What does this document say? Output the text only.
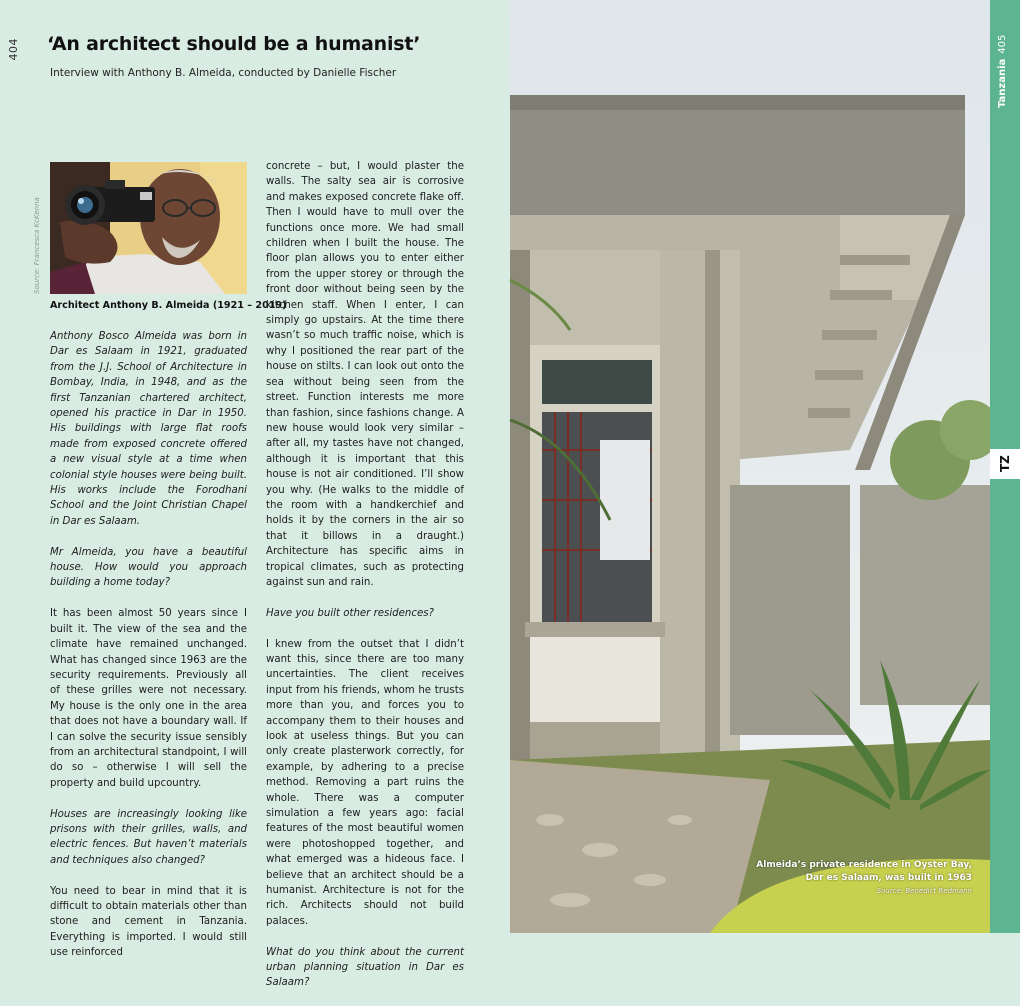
404 ‘An architect should be a humanist’
Interview with Anthony B. Almeida, conducted by Danielle Fischer
Source: Francesca KcKenna
Architect Anthony B. Almeida (1921 – 2019)

Anthony Bosco Almeida was born in Dar es Salaam in 1921, graduated from the J.J. School of Architecture in Bombay, India, in 1948, and as the first Tanzanian chartered architect, opened his practice in Dar in 1950. His buildings with large flat roofs made from exposed concrete offered a new visual style at a time when colonial style houses were being built. His works include the Forodhani School and the Joint Christian Chapel in Dar es Salaam.

Mr Almeida, you have a beautiful house. How would you approach building a home today?

It has been almost 50 years since I built it. The view of the sea and the climate have remained unchanged. What has changed since 1963 are the security requirements. Previously all of these grilles were not necessary. My house is the only one in the area that does not have a boundary wall. If I can solve the security issue sensibly from an architectural standpoint, I will do so – otherwise I will sell the property and build upcountry.

Houses are increasingly looking like prisons with their grilles, walls, and electric fences. But haven’t materials and techniques also changed?

You need to bear in mind that it is difficult to obtain materials other than stone and cement in Tanzania. Everything is imported. I would still use reinforced

concrete – but, I would plaster the walls. The salty sea air is corrosive and makes exposed concrete flake off. Then I would have to mull over the functions once more. We had small children when I built the house. The floor plan allows you to enter either from the upper storey or through the front door without being seen by the kitchen staff. When I enter, I can simply go upstairs. At the time there wasn’t so much traffic noise, which is why I positioned the rear part of the house on stilts. I can look out onto the sea without being seen from the street. Function interests me more than fashion, since fashions change. A new house would look very similar – after all, my tastes have not changed, although it is important that this house is not air conditioned. I’ll show you why. (He walks to the middle of the room with a handkerchief and holds it by the corners in the air so that it billows in a draught.) Architecture has specific aims in tropical climates, such as protecting against sun and rain.

Have you built other residences?

I knew from the outset that I didn’t want this, since there are too many uncertainties. The client receives input from his friends, whom he trusts more than you, and forces you to accompany them to their houses and look at useless things. But you can only create plasterwork correctly, for example, by adhering to a precise method. Removing a part ruins the whole. There was a computer simulation a few years ago: facial features of the most beautiful women were photoshopped together, and what emerged was a hideous face. I believe that an architect should be a humanist. Architecture is not for the rich. Architects should not build palaces.

What do you think about the current urban planning situation in Dar es Salaam?

Almeida’s private residence in Oyster Bay,
Dar es Salaam, was built in 1963
Source: Benedict Redmann
Tanzania405
TZ
